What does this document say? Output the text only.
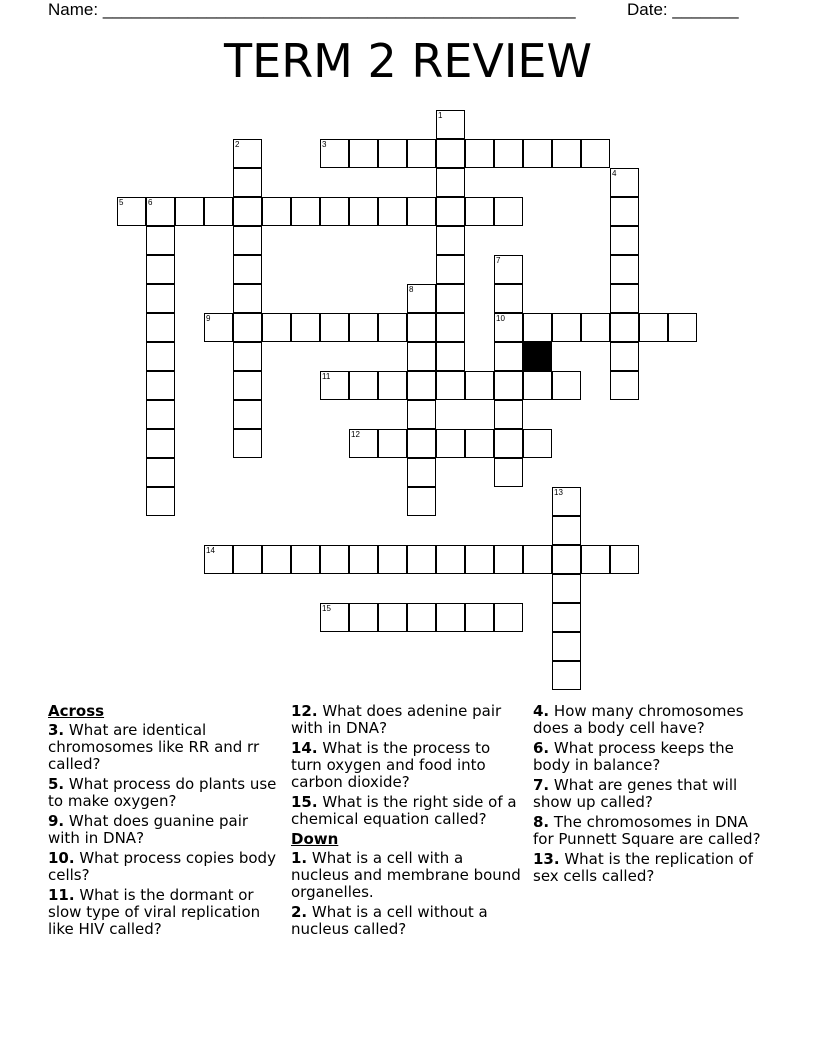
Name: __________________________________________________	Date: _______
TERM 2 REVIEW
1
2	3
4
5	6
7
10
8
9
11
12
13
14
15
Across
3. What are identical chromosomes like RR and rr called?
5. What process do plants use to make oxygen?
9. What does guanine pair with in DNA?
10. What process copies body cells?
11. What is the dormant or slow type of viral replication like HIV called?
12. What does adenine pair with in DNA?
14. What is the process to turn oxygen and food into carbon dioxide?
15. What is the right side of a chemical equation called?
Down
1. What is a cell with a nucleus and membrane bound organelles.
2. What is a cell without a nucleus called?
4. How many chromosomes does a body cell have?
6. What process keeps the body in balance?
7. What are genes that will show up called?
8. The chromosomes in DNA for Punnett Square are called?
13. What is the replication of sex cells called?
